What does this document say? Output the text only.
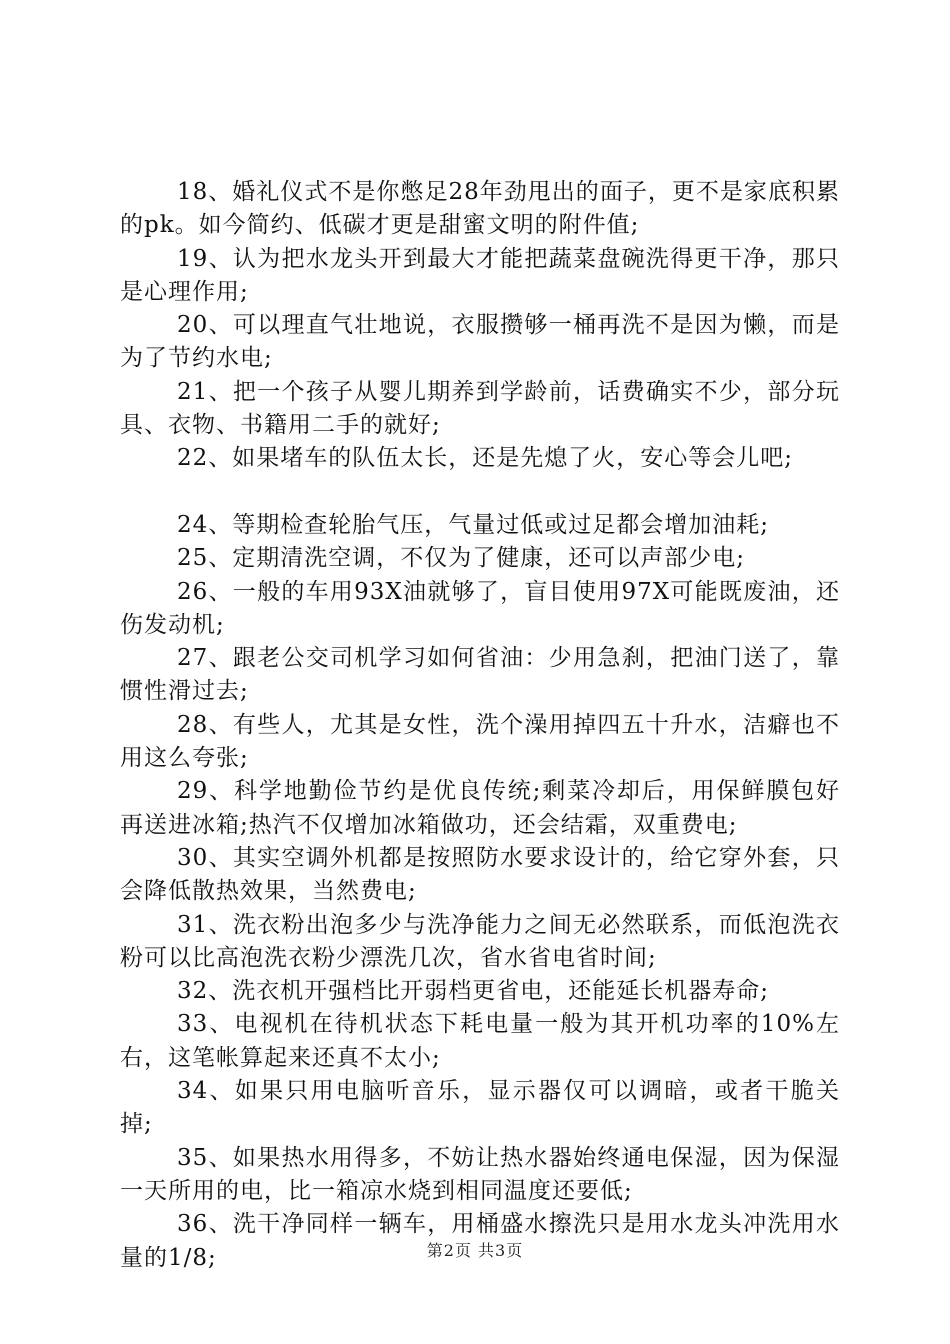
18、婚礼仪式不是你憋足28年劲甩出的面子，更不是家底积累的pk。如今简约、低碳才更是甜蜜文明的附件值;

19、认为把水龙头开到最大才能把蔬菜盘碗洗得更干净，那只是心理作用;

20、可以理直气壮地说，衣服攒够一桶再洗不是因为懒，而是为了节约水电;

21、把一个孩子从婴儿期养到学龄前，话费确实不少，部分玩具、衣物、书籍用二手的就好;

22、如果堵车的队伍太长，还是先熄了火，安心等会儿吧;

24、等期检查轮胎气压，气量过低或过足都会增加油耗;

25、定期清洗空调，不仅为了健康，还可以声部少电;

26、一般的车用93X油就够了，盲目使用97X可能既废油，还伤发动机;

27、跟老公交司机学习如何省油：少用急刹，把油门送了，靠惯性滑过去;

28、有些人，尤其是女性，洗个澡用掉四五十升水，洁癖也不用这么夸张;

29、科学地勤俭节约是优良传统;剩菜冷却后，用保鲜膜包好再送进冰箱;热汽不仅增加冰箱做功，还会结霜，双重费电;

30、其实空调外机都是按照防水要求设计的，给它穿外套，只会降低散热效果，当然费电;

31、洗衣粉出泡多少与洗净能力之间无必然联系，而低泡洗衣粉可以比高泡洗衣粉少漂洗几次，省水省电省时间;

32、洗衣机开强档比开弱档更省电，还能延长机器寿命;

33、电视机在待机状态下耗电量一般为其开机功率的10%左右，这笔帐算起来还真不太小;

34、如果只用电脑听音乐，显示器仅可以调暗，或者干脆关掉;

35、如果热水用得多，不妨让热水器始终通电保湿，因为保湿一天所用的电，比一箱凉水烧到相同温度还要低;

36、洗干净同样一辆车，用桶盛水擦洗只是用水龙头冲洗用水量的1/8;	第2页 共3页
